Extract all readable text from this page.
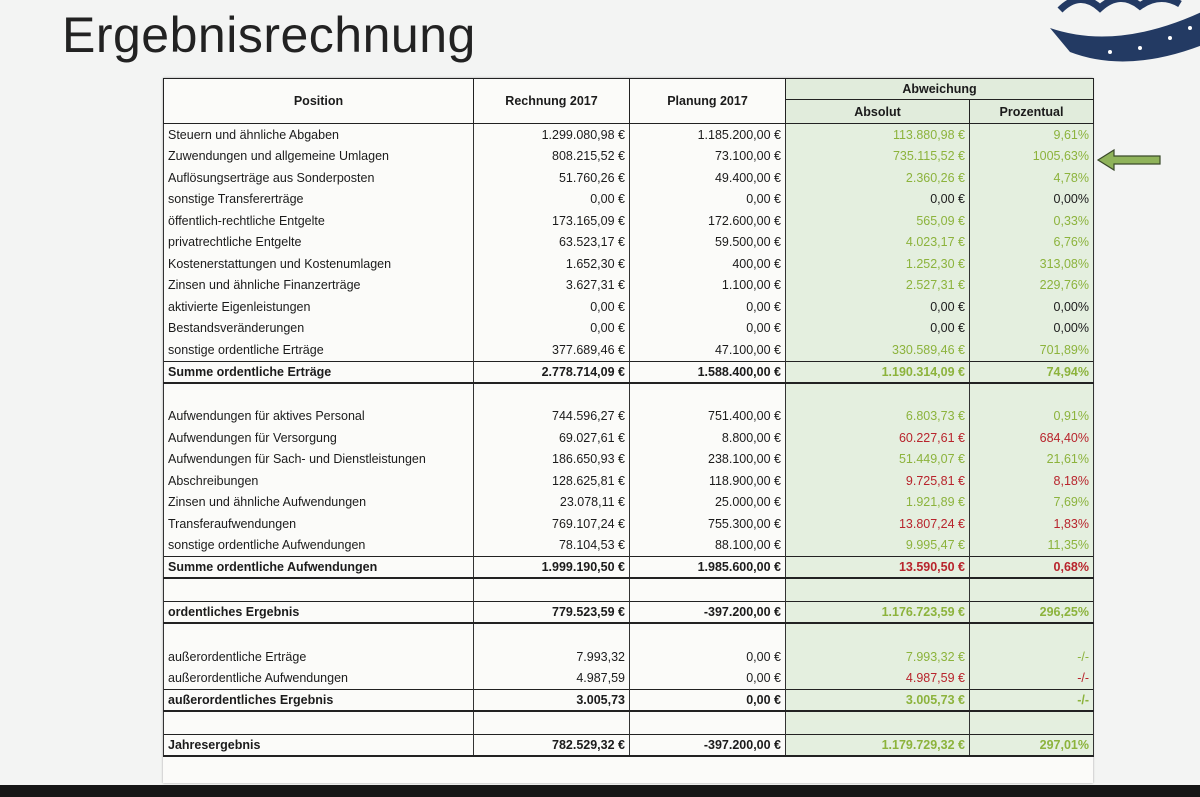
Ergebnisrechnung
Position	Rechnung 2017	Planung 2017	Abweichung	
			Absolut	Prozentual
Steuern und ähnliche Abgaben	1.299.080,98 €	1.185.200,00 €	113.880,98 €	9,61%
Zuwendungen und allgemeine Umlagen	808.215,52 €	73.100,00 €	735.115,52 €	1005,63%
Auflösungserträge aus Sonderposten	51.760,26 €	49.400,00 €	2.360,26 €	4,78%
sonstige Transfererträge	0,00 €	0,00 €	0,00 €	0,00%
öffentlich-rechtliche Entgelte	173.165,09 €	172.600,00 €	565,09 €	0,33%
privatrechtliche Entgelte	63.523,17 €	59.500,00 €	4.023,17 €	6,76%
Kostenerstattungen und Kostenumlagen	1.652,30 €	400,00 €	1.252,30 €	313,08%
Zinsen und ähnliche Finanzerträge	3.627,31 €	1.100,00 €	2.527,31 €	229,76%
aktivierte Eigenleistungen	0,00 €	0,00 €	0,00 €	0,00%
Bestandsveränderungen	0,00 €	0,00 €	0,00 €	0,00%
sonstige ordentliche Erträge	377.689,46 €	47.100,00 €	330.589,46 €	701,89%
Summe ordentliche Erträge	2.778.714,09 €	1.588.400,00 €	1.190.314,09 €	74,94%

Aufwendungen für aktives Personal	744.596,27 €	751.400,00 €	6.803,73 €	0,91%
Aufwendungen für Versorgung	69.027,61 €	8.800,00 €	60.227,61 €	684,40%
Aufwendungen für Sach- und Dienstleistungen	186.650,93 €	238.100,00 €	51.449,07 €	21,61%
Abschreibungen	128.625,81 €	118.900,00 €	9.725,81 €	8,18%
Zinsen und ähnliche Aufwendungen	23.078,11 €	25.000,00 €	1.921,89 €	7,69%
Transferaufwendungen	769.107,24 €	755.300,00 €	13.807,24 €	1,83%
sonstige ordentliche Aufwendungen	78.104,53 €	88.100,00 €	9.995,47 €	11,35%
Summe ordentliche Aufwendungen	1.999.190,50 €	1.985.600,00 €	13.590,50 €	0,68%

ordentliches Ergebnis	779.523,59 €	-397.200,00 €	1.176.723,59 €	296,25%

außerordentliche Erträge	7.993,32	0,00 €	7.993,32 €	-/-
außerordentliche Aufwendungen	4.987,59	0,00 €	4.987,59 €	-/-
außerordentliches Ergebnis	3.005,73	0,00 €	3.005,73 €	-/-

Jahresergebnis	782.529,32 €	-397.200,00 €	1.179.729,32 €	297,01%
